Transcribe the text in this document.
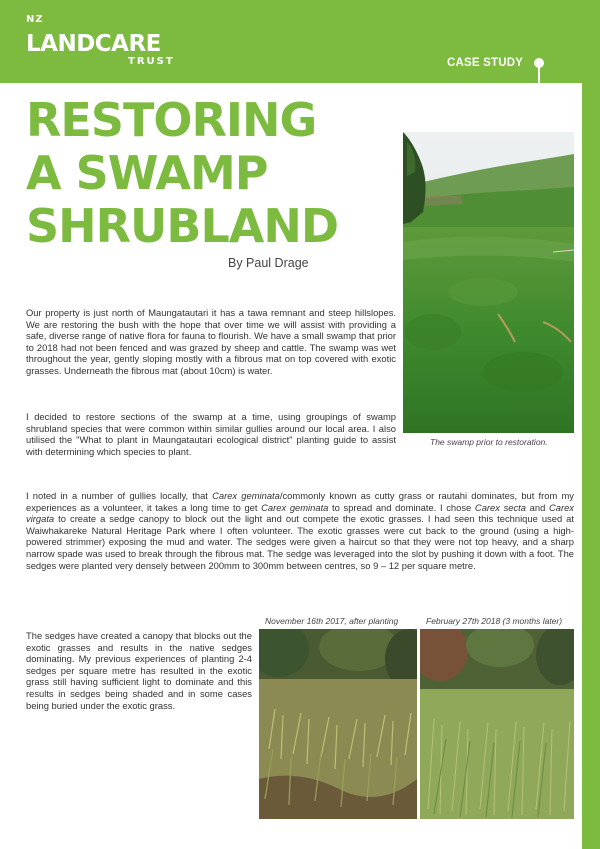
NZ
LANDCARE
TRUST	CASE STUDY
RESTORING
A SWAMP
SHRUBLAND
By Paul Drage

Our property is just north of Maungatautari it has a tawa remnant and steep hillslopes. We are restoring the bush with the hope that over time we will assist with providing a safe, diverse range of native flora for fauna to flourish. We have a small swamp that prior to 2018 had not been fenced and was grazed by sheep and cattle. The swamp was wet throughout the year, gently sloping mostly with a fibrous mat on top covered with exotic grasses. Underneath the fibrous mat (about 10cm) is water.

I decided to restore sections of the swamp at a time, using groupings of swamp shrubland species that were common within similar gullies around our local area. I also utilised the "What to plant in Maungatautari ecological district" planting guide to assist with determining which species to plant.

I noted in a number of gullies locally, that Carex geminata/commonly known as cutty grass or rautahi dominates, but from my experiences as a volunteer, it takes a long time to get Carex geminata to spread and dominate. I chose Carex secta and Carex virgata to create a sedge canopy to block out the light and out compete the exotic grasses. I had seen this technique used at Waiwhakareke Natural Heritage Park where I often volunteer. The exotic grasses were cut back to the ground (using a high-powered strimmer) exposing the mud and water. The sedges were given a haircut so that they were not top heavy, and a sharp narrow spade was used to break through the fibrous mat. The sedge was leveraged into the slot by pushing it down with a foot. The sedges were planted very densely between 200mm to 300mm between centres, so 9 – 12 per square metre.

The sedges have created a canopy that blocks out the exotic grasses and results in the native sedges dominating. My previous experiences of planting 2-4 sedges per square metre has resulted in the exotic grass still having sufficient light to dominate and this results in sedges being shaded and in some cases being buried under the exotic grass.

The swamp prior to restoration.
November 16th 2017, after planting	February 27th 2018 (3 months later)
